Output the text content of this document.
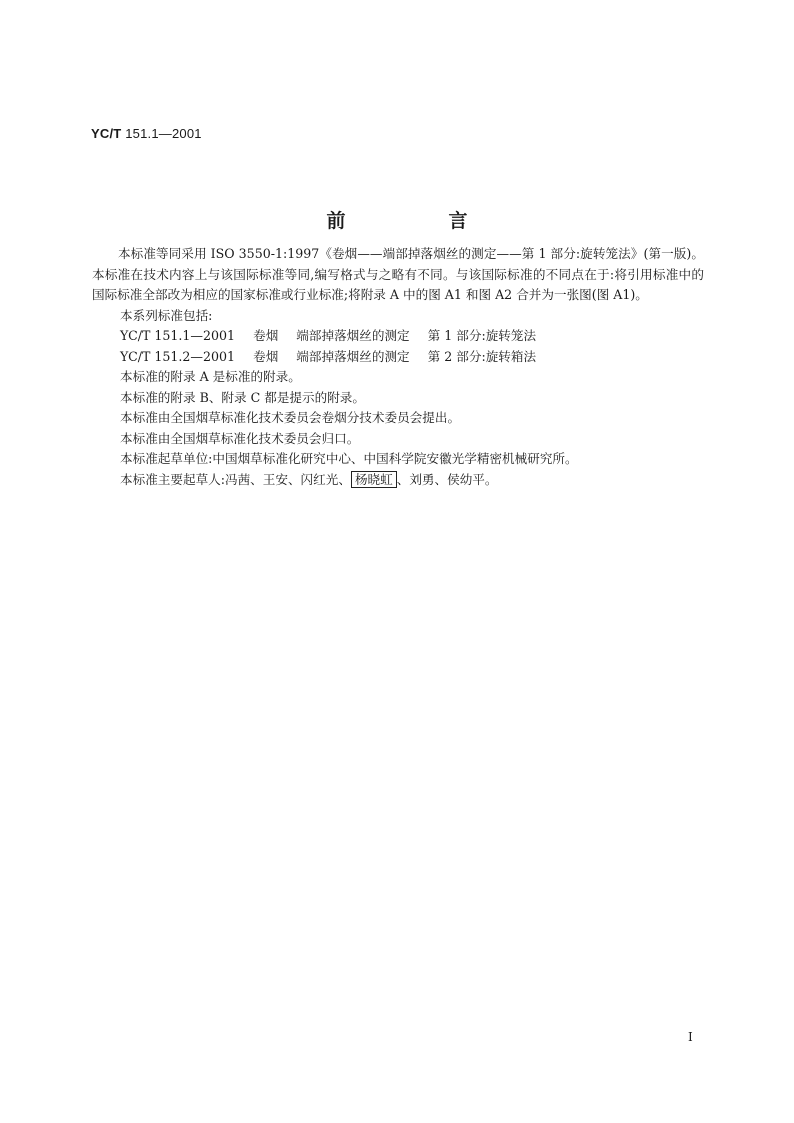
YC/T 151.1—2001
前　言

本标准等同采用 ISO 3550-1:1997《卷烟——端部掉落烟丝的测定——第 1 部分:旋转笼法》(第一版)。本标准在技术内容上与该国际标准等同,编写格式与之略有不同。与该国际标准的不同点在于:将引用标准中的国际标准全部改为相应的国家标准或行业标准;将附录 A 中的图 A1 和图 A2 合并为一张图(图 A1)。

本系列标准包括:
YC/T 151.1—2001 卷烟 端部掉落烟丝的测定 第 1 部分:旋转笼法
YC/T 151.2—2001 卷烟 端部掉落烟丝的测定 第 2 部分:旋转箱法
本标准的附录 A 是标准的附录。
本标准的附录 B、附录 C 都是提示的附录。
本标准由全国烟草标准化技术委员会卷烟分技术委员会提出。
本标准由全国烟草标准化技术委员会归口。
本标准起草单位:中国烟草标准化研究中心、中国科学院安徽光学精密机械研究所。
本标准主要起草人:冯茜、王安、闪红光、 杨晓虹 、刘勇、侯幼平。
I
